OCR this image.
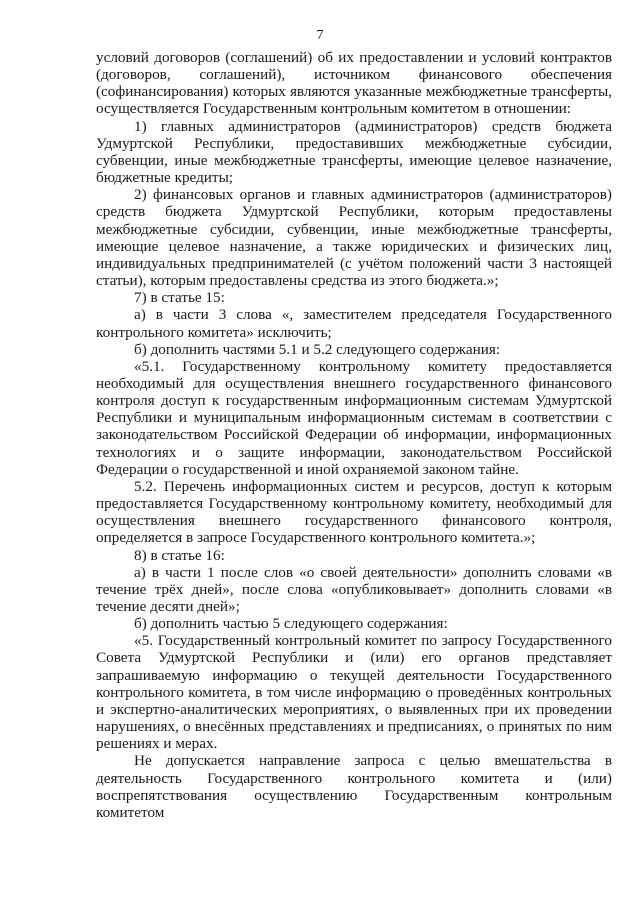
7

условий договоров (соглашений) об их предоставлении и условий контрактов (договоров, соглашений), источником финансового обеспечения (софинансирования) которых являются указанные межбюджетные трансферты, осуществляется Государственным контрольным комитетом в отношении:

1) главных администраторов (администраторов) средств бюджета Удмуртской Республики, предоставивших межбюджетные субсидии, субвенции, иные межбюджетные трансферты, имеющие целевое назначение, бюджетные кредиты;

2) финансовых органов и главных администраторов (администраторов) средств бюджета Удмуртской Республики, которым предоставлены межбюджетные субсидии, субвенции, иные межбюджетные трансферты, имеющие целевое назначение, а также юридических и физических лиц, индивидуальных предпринимателей (с учётом положений части 3 настоящей статьи), которым предоставлены средства из этого бюджета.»;

7) в статье 15:

а) в части 3 слова «, заместителем председателя Государственного контрольного комитета» исключить;

б) дополнить частями 5.1 и 5.2 следующего содержания:

«5.1. Государственному контрольному комитету предоставляется необходимый для осуществления внешнего государственного финансового контроля доступ к государственным информационным системам Удмуртской Республики и муниципальным информационным системам в соответствии с законодательством Российской Федерации об информации, информационных технологиях и о защите информации, законодательством Российской Федерации о государственной и иной охраняемой законом тайне.

5.2. Перечень информационных систем и ресурсов, доступ к которым предоставляется Государственному контрольному комитету, необходимый для осуществления внешнего государственного финансового контроля, определяется в запросе Государственного контрольного комитета.»;

8) в статье 16:

а) в части 1 после слов «о своей деятельности» дополнить словами «в течение трёх дней», после слова «опубликовывает» дополнить словами «в течение десяти дней»;

б) дополнить частью 5 следующего содержания:

«5. Государственный контрольный комитет по запросу Государственного Совета Удмуртской Республики и (или) его органов представляет запрашиваемую информацию о текущей деятельности Государственного контрольного комитета, в том числе информацию о проведённых контрольных и экспертно-аналитических мероприятиях, о выявленных при их проведении нарушениях, о внесённых представлениях и предписаниях, о принятых по ним решениях и мерах.

Не допускается направление запроса с целью вмешательства в деятельность Государственного контрольного комитета и (или) воспрепятствования осуществлению Государственным контрольным комитетом
